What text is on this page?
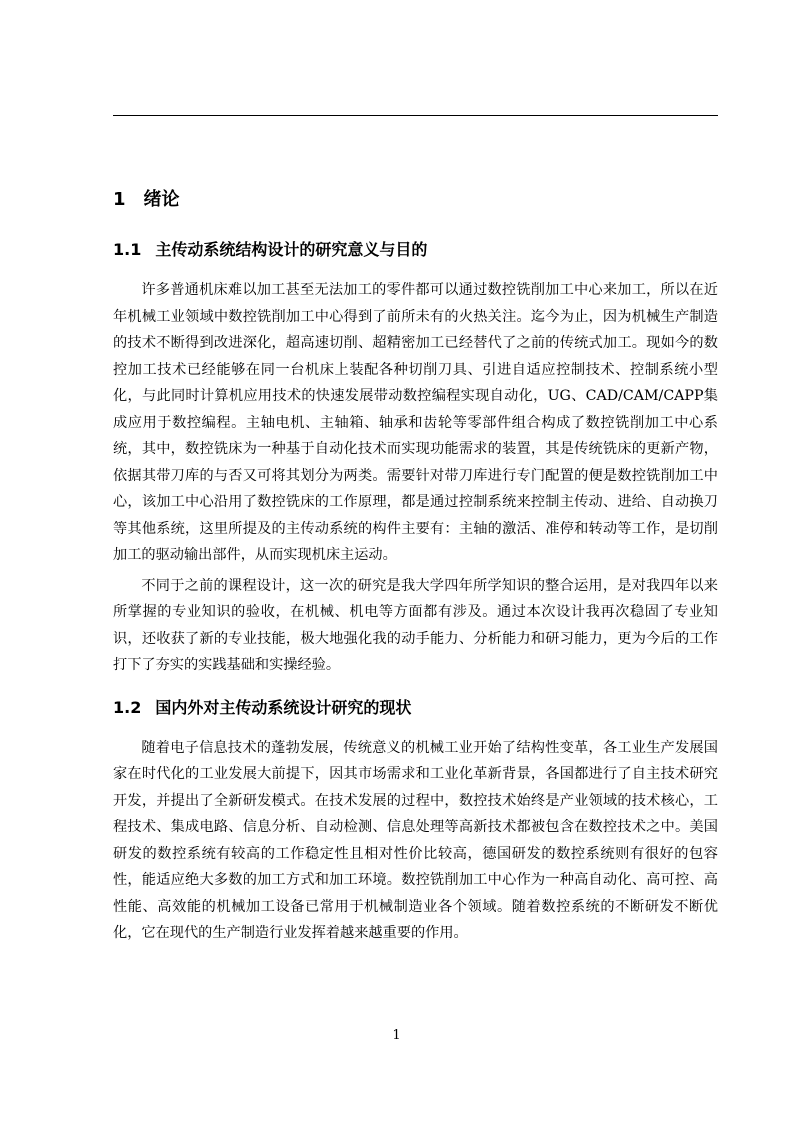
1 绪论
1.1 主传动系统结构设计的研究意义与目的

许多普通机床难以加工甚至无法加工的零件都可以通过数控铣削加工中心来加工，所以在近年机械工业领域中数控铣削加工中心得到了前所未有的火热关注。迄今为止，因为机械生产制造的技术不断得到改进深化，超高速切削、超精密加工已经替代了之前的传统式加工。现如今的数控加工技术已经能够在同一台机床上装配各种切削刀具、引进自适应控制技术、控制系统小型化，与此同时计算机应用技术的快速发展带动数控编程实现自动化，UG、CAD/CAM/CAPP集成应用于数控编程。主轴电机、主轴箱、轴承和齿轮等零部件组合构成了数控铣削加工中心系统，其中，数控铣床为一种基于自动化技术而实现功能需求的装置，其是传统铣床的更新产物，依据其带刀库的与否又可将其划分为两类。需要针对带刀库进行专门配置的便是数控铣削加工中心，该加工中心沿用了数控铣床的工作原理，都是通过控制系统来控制主传动、进给、自动换刀等其他系统，这里所提及的主传动系统的构件主要有：主轴的激活、准停和转动等工作，是切削加工的驱动输出部件，从而实现机床主运动。

不同于之前的课程设计，这一次的研究是我大学四年所学知识的整合运用，是对我四年以来所掌握的专业知识的验收，在机械、机电等方面都有涉及。通过本次设计我再次稳固了专业知识，还收获了新的专业技能，极大地强化我的动手能力、分析能力和研习能力，更为今后的工作打下了夯实的实践基础和实操经验。

1.2 国内外对主传动系统设计研究的现状

随着电子信息技术的蓬勃发展，传统意义的机械工业开始了结构性变革，各工业生产发展国家在时代化的工业发展大前提下，因其市场需求和工业化革新背景，各国都进行了自主技术研究开发，并提出了全新研发模式。在技术发展的过程中，数控技术始终是产业领域的技术核心，工程技术、集成电路、信息分析、自动检测、信息处理等高新技术都被包含在数控技术之中。美国研发的数控系统有较高的工作稳定性且相对性价比较高，德国研发的数控系统则有很好的包容性，能适应绝大多数的加工方式和加工环境。数控铣削加工中心作为一种高自动化、高可控、高性能、高效能的机械加工设备已常用于机械制造业各个领域。随着数控系统的不断研发不断优化，它在现代的生产制造行业发挥着越来越重要的作用。

1
